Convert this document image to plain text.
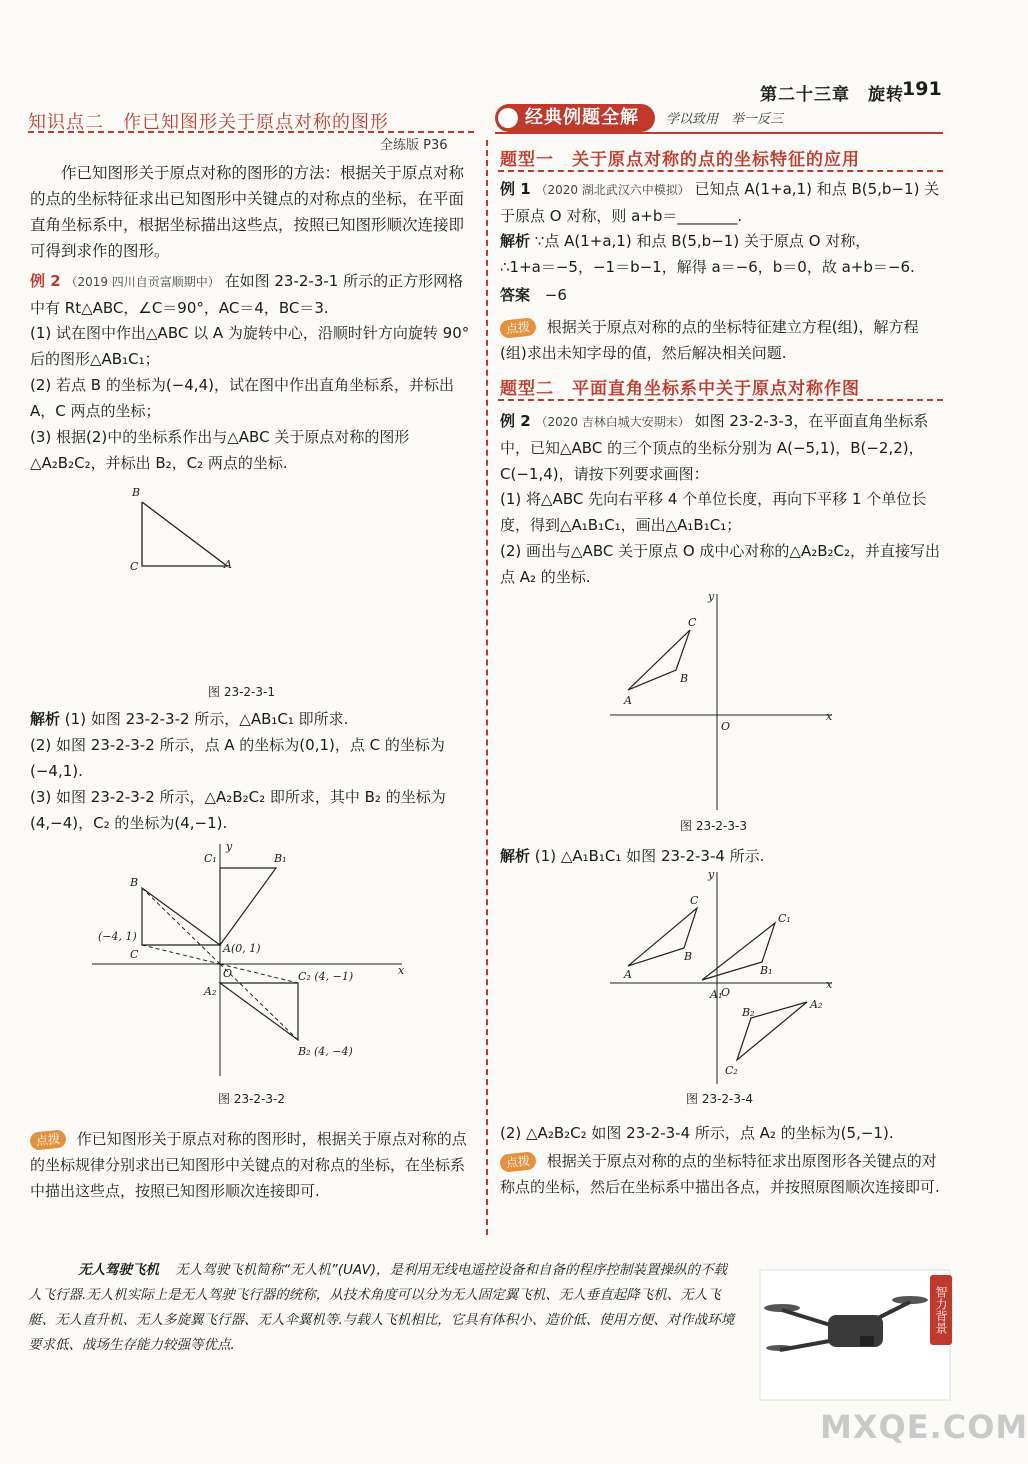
第二十三章　旋转
191
知识点二　作已知图形关于原点对称的图形
全练版 P36
作已知图形关于原点对称的图形的方法：根据关于原点对称的点的坐标特征求出已知图形中关键点的对称点的坐标，在平面直角坐标系中，根据坐标描出这些点，按照已知图形顺次连接即可得到求作的图形。
例 2 （2019 四川自贡富顺期中） 在如图 23-2-3-1 所示的正方形网格中有 Rt△ABC，∠C＝90°，AC＝4，BC＝3.
(1) 试在图中作出△ABC 以 A 为旋转中心，沿顺时针方向旋转 90°后的图形△AB₁C₁；
(2) 若点 B 的坐标为(−4,4)，试在图中作出直角坐标系，并标出 A，C 两点的坐标；
(3) 根据(2)中的坐标系作出与△ABC 关于原点对称的图形△A₂B₂C₂，并标出 B₂，C₂ 两点的坐标.
B
C	A
图 23-2-3-1
解析 (1) 如图 23-2-3-2 所示，△AB₁C₁ 即所求.
(2) 如图 23-2-3-2 所示，点 A 的坐标为(0,1)，点 C 的坐标为(−4,1).
(3) 如图 23-2-3-2 所示，△A₂B₂C₂ 即所求，其中 B₂ 的坐标为(4,−4)，C₂ 的坐标为(4,−1).
C₁	B₁
y
B
(−4, 1)
C	A(0, 1)
O	C₂ (4, −1)	x
A₂
B₂ (4, −4)
图 23-2-3-2
点拨 作已知图形关于原点对称的图形时，根据关于原点对称的点的坐标规律分别求出已知图形中关键点的对称点的坐标，在坐标系中描出这些点，按照已知图形顺次连接即可.
经典例题全解	学以致用　举一反三
题型一　关于原点对称的点的坐标特征的应用
例 1 （2020 湖北武汉六中模拟） 已知点 A(1+a,1) 和点 B(5,b−1) 关于原点 O 对称，则 a+b＝________.
解析 ∵点 A(1+a,1) 和点 B(5,b−1) 关于原点 O 对称，
∴1+a＝−5，−1＝b−1，解得 a＝−6，b＝0，故 a+b＝−6.
答案 −6
点拨 根据关于原点对称的点的坐标特征建立方程(组)，解方程(组)求出未知字母的值，然后解决相关问题.
题型二　平面直角坐标系中关于原点对称作图
例 2 （2020 吉林白城大安期末） 如图 23-2-3-3，在平面直角坐标系中，已知△ABC 的三个顶点的坐标分别为 A(−5,1)，B(−2,2)，C(−1,4)，请按下列要求画图：
(1) 将△ABC 先向右平移 4 个单位长度，再向下平移 1 个单位长度，得到△A₁B₁C₁，画出△A₁B₁C₁；
(2) 画出与△ABC 关于原点 O 成中心对称的△A₂B₂C₂，并直接写出点 A₂ 的坐标.
y
C
B
A
O
x
图 23-2-3-3
解析 (1) △A₁B₁C₁ 如图 23-2-3-4 所示.
y
C
C₁
B
A	B₁
A₁
O
x
A₂
B₂
C₂
图 23-2-3-4
(2) △A₂B₂C₂ 如图 23-2-3-4 所示，点 A₂ 的坐标为(5,−1).
点拨 根据关于原点对称的点的坐标特征求出原图形各关键点的对称点的坐标，然后在坐标系中描出各点，并按照原图顺次连接即可.
无人驾驶飞机 无人驾驶飞机简称“无人机”(UAV)，是利用无线电遥控设备和自备的程序控制装置操纵的不载人飞行器.无人机实际上是无人驾驶飞行器的统称，从技术角度可以分为无人固定翼飞机、无人垂直起降飞机、无人飞艇、无人直升机、无人多旋翼飞行器、无人伞翼机等.与载人飞机相比，它具有体积小、造价低、使用方便、对作战环境要求低、战场生存能力较强等优点.
智力背景
MXQE.COM
